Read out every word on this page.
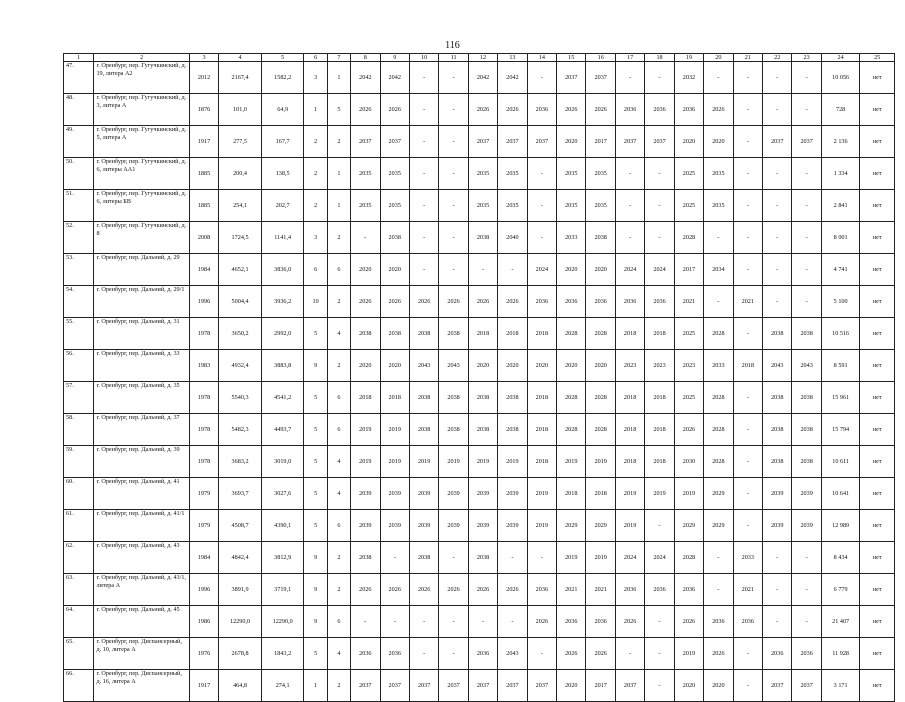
116
1	2	3	4	5	6	7	8	9	10	11	12	13	14	15	16	17	18	19	20	21	22	23	24	25
47.	г. Оренбург, пер. Гугучкинский, д. 19, литера А2	2012	2167,4	1582,2	3	1	2042	2042	-	-	2042	2042	-	2037	2037	-	-	2032	-	-	-	-	10 056	нет
48.	г. Оренбург, пер. Гугучкинский, д. 3, литера А	1876	101,0	64,9	1	5	2026	2026	-	-	2026	2026	2036	2026	2026	2036	2036	2036	2026	-	-	-	728	нет
49.	г. Оренбург, пер. Гугучкинский, д. 5, литера А	1917	277,5	167,7	2	2	2037	2037	-	-	2037	2037	2037	2020	2017	2037	2037	2020	2020	-	2037	2037	2 136	нет
50.	г. Оренбург, пер. Гугучкинский, д. 6, литеры АА1	1885	200,4	138,5	2	1	2035	2035	-	-	2035	2035	-	2035	2035	-	-	2025	2035	-	-	-	1 334	нет
51.	г. Оренбург, пер. Гугучкинский, д. 6, литеры БВ	1885	254,1	202,7	2	1	2035	2035	-	-	2035	2035	-	2035	2035	-	-	2025	2035	-	-	-	2 841	нет
52.	г. Оренбург, пер. Гугучкинский, д. 8	2008	1724,5	1141,4	3	2	-	2038	-	-	2038	2040	-	2033	2038	-	-	2028	-	-	-	-	8 001	нет
53.	г. Оренбург, пер. Дальний, д. 29	1984	4652,1	3836,0	6	6	2020	2020	-	-	-	-	2024	2020	2020	2024	2024	2017	2034	-	-	-	4 741	нет
54.	г. Оренбург, пер. Дальний, д. 29/1	1996	5004,4	3936,2	10	2	2026	2026	2026	2026	2026	2026	2036	2036	2036	2036	2036	2021	-	2021	-	-	5 100	нет
55.	г. Оренбург, пер. Дальний, д. 31	1978	3650,2	2992,0	5	4	2038	2038	2038	2038	2018	2018	2018	2028	2028	2018	2018	2025	2028	-	2038	2038	10 516	нет
56.	г. Оренбург, пер. Дальний, д. 33	1983	4932,4	3883,8	9	2	2020	2020	2043	2043	2020	2020	2020	2020	2020	2023	2023	2023	2033	2018	2043	2043	8 591	нет
57.	г. Оренбург, пер. Дальний, д. 35	1978	5540,3	4541,2	5	6	2018	2018	2038	2038	2038	2038	2018	2028	2028	2018	2018	2025	2028	-	2038	2038	15 961	нет
58.	г. Оренбург, пер. Дальний, д. 37	1978	5482,3	4493,7	5	6	2019	2019	2038	2038	2038	2038	2018	2028	2028	2018	2018	2026	2028	-	2038	2038	15 794	нет
59.	г. Оренбург, пер. Дальний, д. 39	1978	3683,2	3019,0	5	4	2019	2019	2019	2019	2019	2019	2018	2019	2019	2018	2018	2030	2028	-	2038	2038	10 611	нет
60.	г. Оренбург, пер. Дальний, д. 41	1979	3693,7	3027,6	5	4	2039	2039	2039	2039	2039	2039	2019	2018	2018	2019	2019	2019	2029	-	2039	2039	10 641	нет
61.	г. Оренбург, пер. Дальний, д. 41/1	1979	4508,7	4390,1	5	6	2039	2039	2039	2039	2039	2039	2019	2029	2029	2019	-	2029	2029	-	2039	2039	12 989	нет
62.	г. Оренбург, пер. Дальний, д. 43	1984	4842,4	3812,9	9	2	2038	-	2038	-	2038	-	-	2019	2019	2024	2024	2028	-	2033	-	-	8 434	нет
63.	г. Оренбург, пер. Дальний, д. 43/1, литера А	1996	3891,9	3719,1	9	2	2026	2026	2026	2026	2026	2026	2036	2021	2021	2036	2036	2036	-	2021	-	-	6 779	нет
64.	г. Оренбург, пер. Дальний, д. 45	1986	12290,0	12290,0	9	6	-	-	-	-	-	-	2026	2036	2036	2026	-	2026	2036	2036	-	-	21 407	нет
65.	г. Оренбург, пер. Диспансерный, д. 10, литера А	1976	2678,8	1843,2	5	4	2036	2036	-	-	2036	2043	-	2026	2026	-	-	2019	2026	-	2036	2036	11 928	нет
66.	г. Оренбург, пер. Диспансерный, д. 16, литера А	1917	464,8	274,1	1	2	2037	2037	2037	2037	2037	2037	2037	2020	2017	2037	-	2020	2020	-	2037	2037	3 171	нет
